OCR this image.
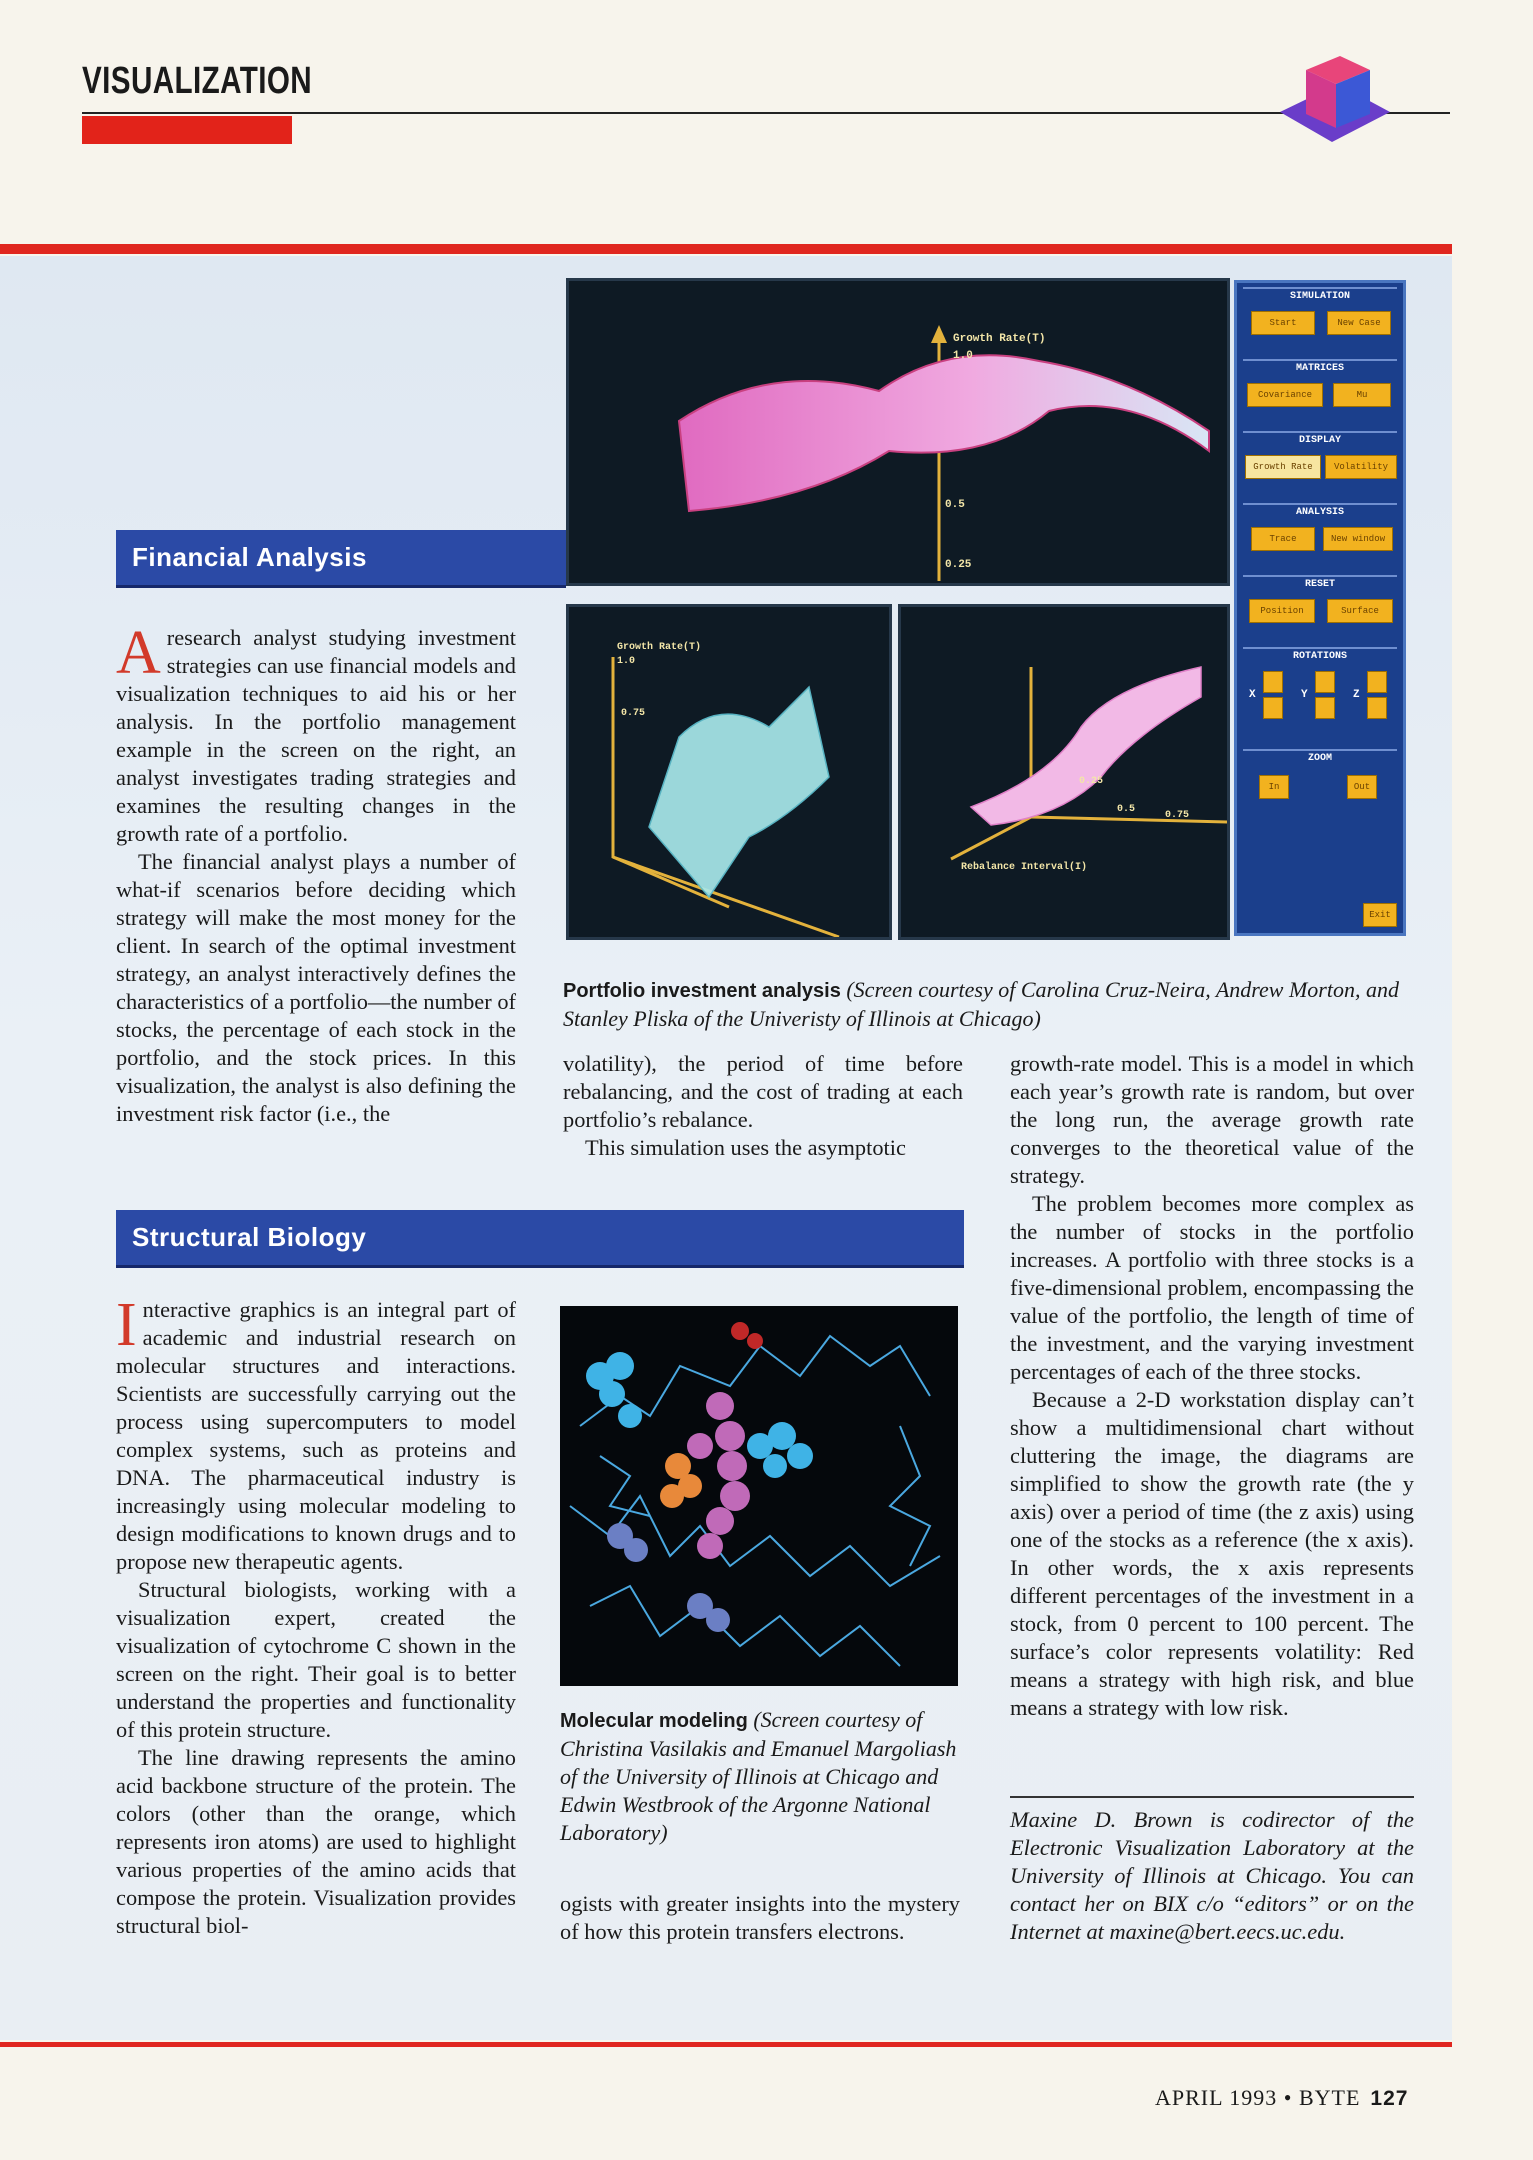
VISUALIZATION
Financial Analysis
Growth Rate(T)
1.0
0.5
0.25
Growth Rate(T)
1.0
0.75
0.25
0.75
0.5
Rebalance Interval(I)
SIMULATION
Start	New Case
MATRICES
Covariance	Mu
DISPLAY
Growth Rate	Volatility
ANALYSIS
Trace	New window
RESET
Position	Surface
ROTATIONS
X	Y	Z
ZOOM
In	Out
Exit
Portfolio investment analysis (Screen courtesy of Carolina Cruz-Neira, Andrew Morton, and Stanley Pliska of the Univeristy of Illinois at Chicago)

Aresearch analyst studying investment strategies can use financial models and visualization techniques to aid his or her analysis. In the portfolio management example in the screen on the right, an analyst investigates trading strategies and examines the resulting changes in the growth rate of a portfolio.

The financial analyst plays a number of what-if scenarios before deciding which strategy will make the most money for the client. In search of the optimal investment strategy, an analyst interactively defines the characteristics of a portfolio—the number of stocks, the percentage of each stock in the portfolio, and the stock prices. In this visualization, the analyst is also defining the investment risk factor (i.e., the

volatility), the period of time before rebalancing, and the cost of trading at each portfolio’s rebalance.

This simulation uses the asymptotic

growth-rate model. This is a model in which each year’s growth rate is random, but over the long run, the average growth rate converges to the theoretical value of the strategy.

The problem becomes more complex as the number of stocks in the portfolio increases. A portfolio with three stocks is a five-dimensional problem, encompassing the value of the portfolio, the length of time of the investment, and the varying investment percentages of each of the three stocks.

Because a 2-D workstation display can’t show a multidimensional chart without cluttering the image, the diagrams are simplified to show the growth rate (the y axis) over a period of time (the z axis) using one of the stocks as a reference (the x axis). In other words, the x axis represents different percentages of the investment in a stock, from 0 percent to 100 percent. The surface’s color represents volatility: Red means a strategy with high risk, and blue means a strategy with low risk.

Structural Biology

Interactive graphics is an integral part of academic and industrial research on molecular structures and interactions. Scientists are successfully carrying out the process using supercomputers to model complex systems, such as proteins and DNA. The pharmaceutical industry is increasingly using molecular modeling to design modifications to known drugs and to propose new therapeutic agents.

Structural biologists, working with a visualization expert, created the visualization of cytochrome C shown in the screen on the right. Their goal is to better understand the properties and functionality of this protein structure.

The line drawing represents the amino acid backbone structure of the protein. The colors (other than the orange, which represents iron atoms) are used to highlight various properties of the amino acids that compose the protein. Visualization provides structural biol-

Molecular modeling (Screen courtesy of Christina Vasilakis and Emanuel Margoliash of the University of Illinois at Chicago and Edwin Westbrook of the Argonne National Laboratory)

ogists with greater insights into the mystery of how this protein transfers electrons.

Maxine D. Brown is codirector of the Electronic Visualization Laboratory at the University of Illinois at Chicago. You can contact her on BIX c/o “editors” or on the Internet at maxine@bert.eecs.uc.edu.

APRIL 1993 • BYTE 127
